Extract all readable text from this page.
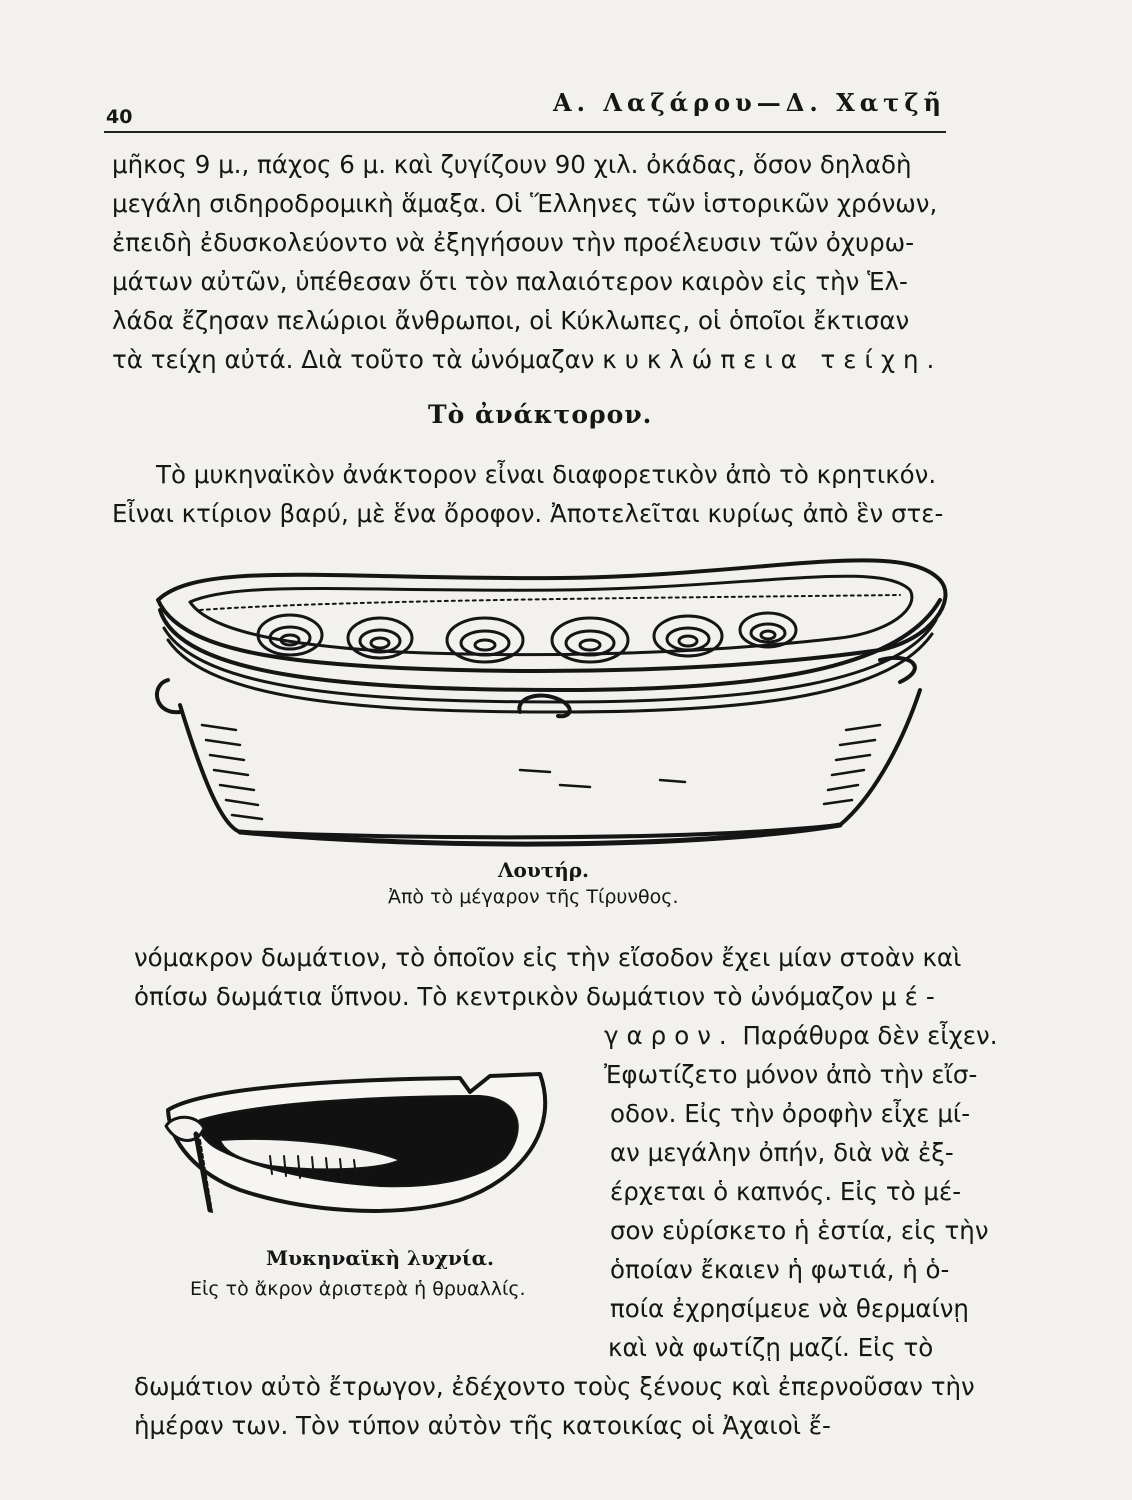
40	Α. Λαζάρου—Δ. Χατζῆ
μῆκος 9 μ., πάχος 6 μ. καὶ ζυγίζουν 90 χιλ. ὀκάδας, ὅσον δηλαδὴ
μεγάλη σιδηροδρομικὴ ἅμαξα. Οἱ Ἕλληνες τῶν ἱστορικῶν χρόνων,
ἐπειδὴ ἐδυσκολεύοντο νὰ ἐξηγήσουν τὴν προέλευσιν τῶν ὀχυρω-
μάτων αὐτῶν, ὑπέθεσαν ὅτι τὸν παλαιότερον καιρὸν εἰς τὴν Ἑλ-
λάδα ἔζησαν πελώριοι ἄνθρωποι, οἱ Κύκλωπες, οἱ ὁποῖοι ἔκτισαν
τὰ τείχη αὐτά. Διὰ τοῦτο τὰ ὠνόμαζαν κυκλώπεια τείχη.
Τὸ ἀνάκτορον.
Τὸ μυκηναϊκὸν ἀνάκτορον εἶναι διαφορετικὸν ἀπὸ τὸ κρητικόν.
Εἶναι κτίριον βαρύ, μὲ ἕνα ὄροφον. Ἀποτελεῖται κυρίως ἀπὸ ἓν στε-
Λουτήρ.
Ἀπὸ τὸ μέγαρον τῆς Τίρυνθος.
νόμακρον δωμάτιον, τὸ ὁποῖον εἰς τὴν εἴσοδον ἔχει μίαν στοὰν καὶ
ὀπίσω δωμάτια ὕπνου. Τὸ κεντρικὸν δωμάτιον τὸ ὠνόμαζον μέ-
γαρον. Παράθυρα δὲν εἶχεν.
Ἐφωτίζετο μόνον ἀπὸ τὴν εἴσ-
οδον. Εἰς τὴν ὀροφὴν εἶχε μί-
αν μεγάλην ὀπήν, διὰ νὰ ἐξ-
έρχεται ὁ καπνός. Εἰς τὸ μέ-
σον εὑρίσκετο ἡ ἑστία, εἰς τὴν
ὁποίαν ἔκαιεν ἡ φωτιά, ἡ ὁ-
ποία ἐχρησίμευε νὰ θερμαίνῃ
καὶ νὰ φωτίζῃ μαζί. Εἰς τὸ
Μυκηναϊκὴ λυχνία.
Εἰς τὸ ἄκρον ἀριστερὰ ἡ θρυαλλίς.
δωμάτιον αὐτὸ ἔτρωγον, ἐδέχοντο τοὺς ξένους καὶ ἐπερνοῦσαν τὴν
ἡμέραν των. Τὸν τύπον αὐτὸν τῆς κατοικίας οἱ Ἀχαιοὶ ἔ-
